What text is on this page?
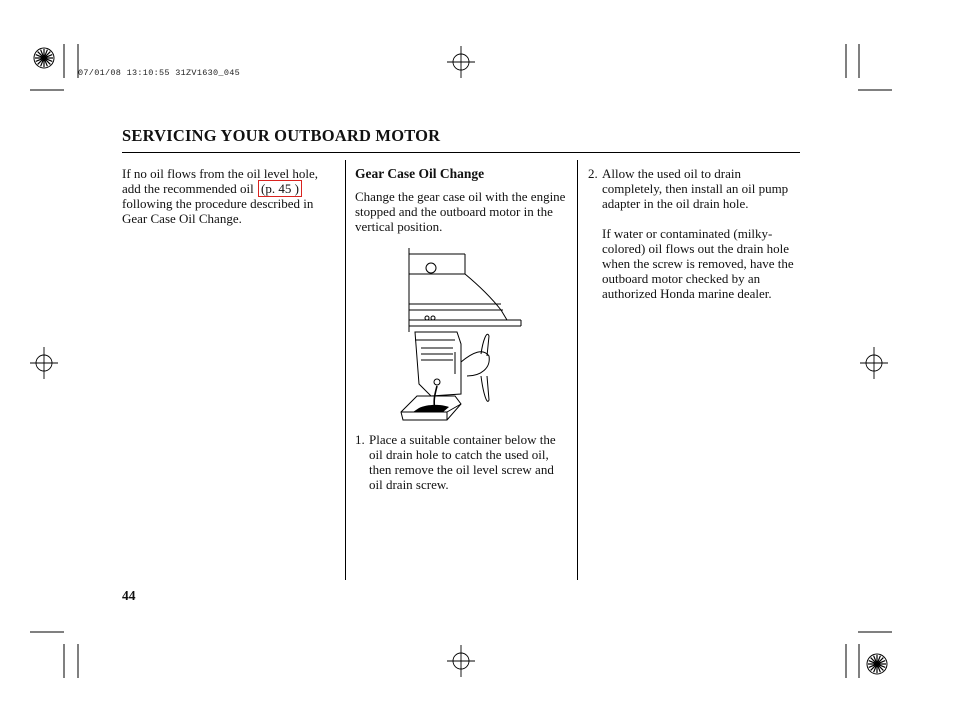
07/01/08 13:10:55 31ZV1630_045
SERVICING YOUR OUTBOARD MOTOR

If no oil flows from the oil level hole, add the recommended oil (p. 45 ) following the procedure described in Gear Case Oil Change.

Gear Case Oil Change

Change the gear case oil with the engine stopped and the outboard motor in the vertical position.

1. Place a suitable container below the oil drain hole to catch the used oil, then remove the oil level screw and oil drain screw.
2. Allow the used oil to drain completely, then install an oil pump adapter in the oil drain hole.

If water or contaminated (milky-colored) oil flows out the drain hole when the screw is removed, have the outboard motor checked by an authorized Honda marine dealer.

44
